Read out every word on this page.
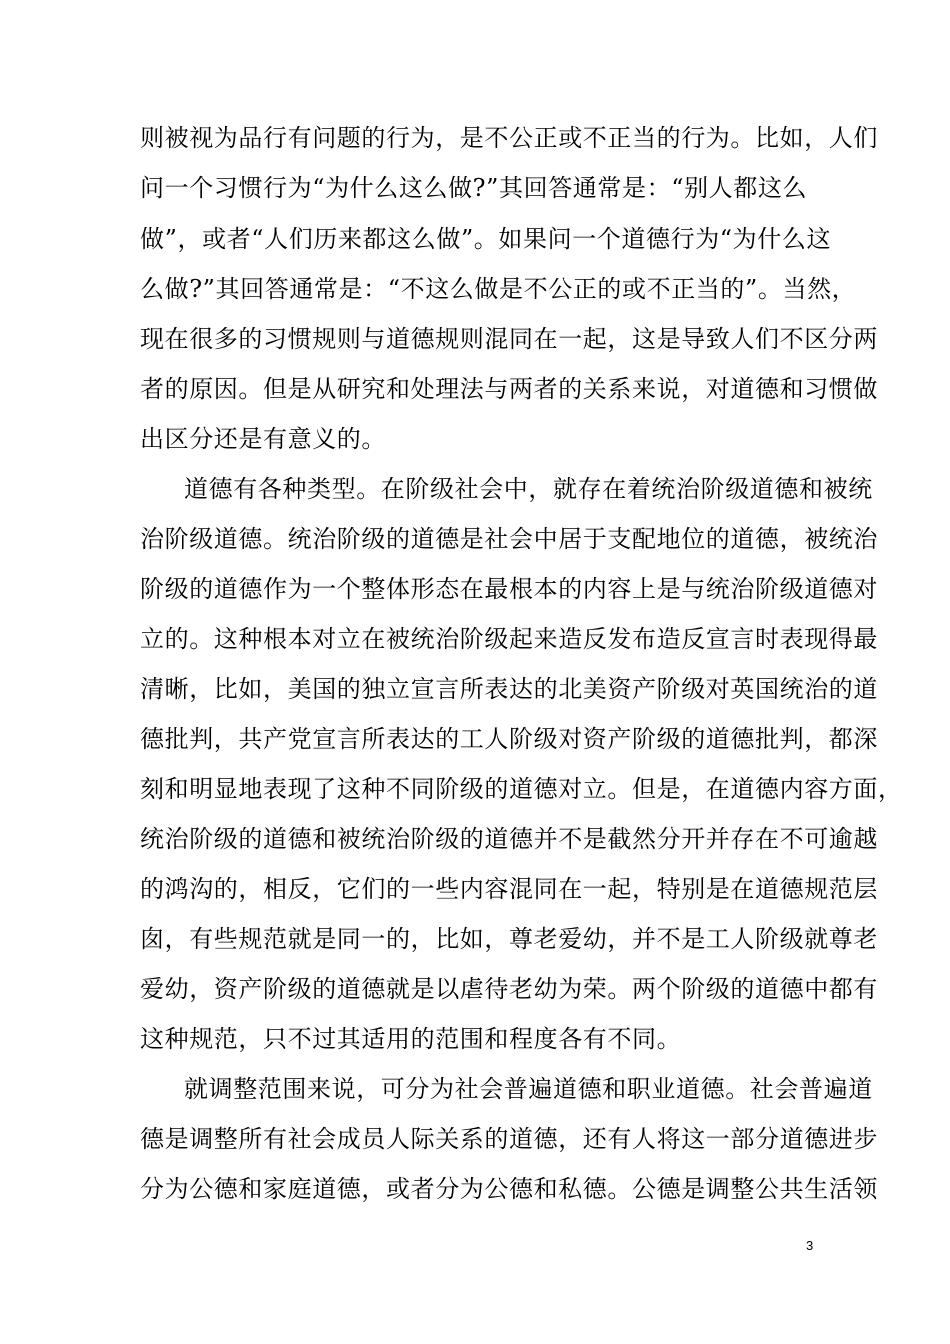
则被视为品行有问题的行为，是不公正或不正当的行为。比如，人们
问一个习惯行为“为什么这么做?”其回答通常是：“别人都这么
做”，或者“人们历来都这么做”。如果问一个道德行为“为什么这
么做?”其回答通常是：“不这么做是不公正的或不正当的”。当然，
现在很多的习惯规则与道德规则混同在一起，这是导致人们不区分两
者的原因。但是从研究和处理法与两者的关系来说，对道德和习惯做
出区分还是有意义的。
道德有各种类型。在阶级社会中，就存在着统治阶级道德和被统
治阶级道德。统治阶级的道德是社会中居于支配地位的道德，被统治
阶级的道德作为一个整体形态在最根本的内容上是与统治阶级道德对
立的。这种根本对立在被统治阶级起来造反发布造反宣言时表现得最
清晰，比如，美国的独立宣言所表达的北美资产阶级对英国统治的道
德批判，共产党宣言所表达的工人阶级对资产阶级的道德批判，都深
刻和明显地表现了这种不同阶级的道德对立。但是，在道德内容方面，
统治阶级的道德和被统治阶级的道德并不是截然分开并存在不可逾越
的鸿沟的，相反，它们的一些内容混同在一起，特别是在道德规范层
囱，有些规范就是同一的，比如，尊老爱幼，并不是工人阶级就尊老
爱幼，资产阶级的道德就是以虐待老幼为荣。两个阶级的道德中都有
这种规范，只不过其适用的范围和程度各有不同。
就调整范围来说，可分为社会普遍道德和职业道德。社会普遍道
德是调整所有社会成员人际关系的道德，还有人将这一部分道德进步
分为公德和家庭道德，或者分为公德和私德。公德是调整公共生活领
3
